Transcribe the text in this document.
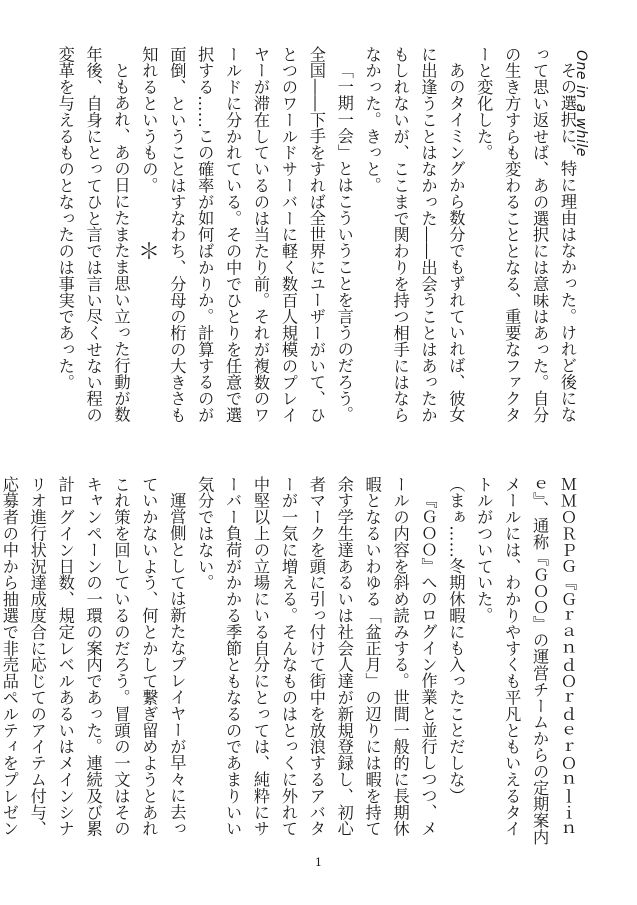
One in a while
＊	その選択に、特に理由はなかった。けれど後になって思い返せば、あの選択には意味はあった。自分の生き方すらも変わることとなる、重要なファクターと変化した。

あのタイミングから数分でもずれていれば、彼女に出逢うことはなかった――出会うことはあったかもしれないが、ここまで関わりを持つ相手にはならなかった。きっと。

「一期一会」とはこういうことを言うのだろう。全国――下手をすれば全世界にユーザーがいて、ひとつのワールドサーバーに軽く数百人規模のプレイヤーが滞在しているのは当たり前。それが複数のワールドに分かれている。その中でひとりを任意で選択する……この確率が如何ばかりか。計算するのが面倒、ということはすなわち、分母の桁の大きさも知れるというもの。

ともあれ、あの日にたまたま思い立った行動が数年後、自身にとってひと言では言い尽くせない程の変革を与えるものとなったのは事実であった。

ＭＭＯＲＰＧ『ＧｒａｎｄＯｒｄｅｒＯｎｌｉｎｅ』、通称『ＧＯＯ』の運営チームからの定期案内メールには、わかりやすくも平凡ともいえるタイトルがついていた。

（まぁ……冬期休暇にも入ったことだしな）

『ＧＯＯ』へのログイン作業と並行しつつ、メールの内容を斜め読みする。世間一般的に長期休暇となるいわゆる「盆正月」の辺りには暇を持て余す学生達あるいは社会人達が新規登録し、初心者マークを頭に引っ付けて街中を放浪するアバターが一気に増える。そんなものはとっくに外れて中堅以上の立場にいる自分にとっては、純粋にサーバー負荷がかかる季節ともなるのであまりいい気分ではない。

運営側としては新たなプレイヤーが早々に去っていかないよう、何とかして繋ぎ留めようとあれこれ策を回しているのだろう。冒頭の一文はそのキャンペーンの一環の案内であった。連続及び累計ログイン日数、規定レベルあるいはメインシナリオ進行状況達成度合に応じてのアイテム付与、応募者の中から抽選で非売品ペルティをプレゼン

1
